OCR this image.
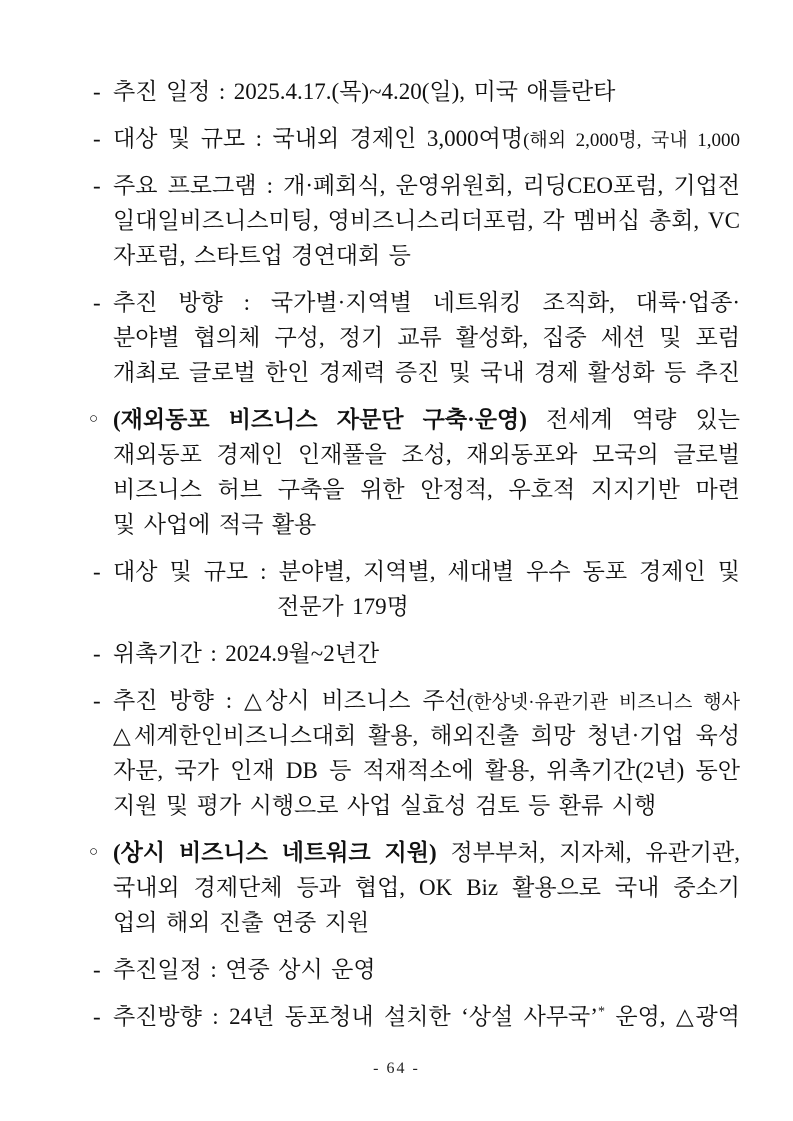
- 추진 일정 : 2025.4.17.(목)~4.20(일), 미국 애틀란타
- 대상 및 규모 : 국내외 경제인 3,000여명(해외 2,000명, 국내 1,000
- 주요 프로그램 : 개·폐회식, 운영위원회, 리딩CEO포럼, 기업전
일대일비즈니스미팅, 영비즈니스리더포럼, 각 멤버십 총회, VC
자포럼, 스타트업 경연대회 등
- 추진 방향 : 국가별·지역별 네트워킹 조직화, 대륙·업종·
분야별 협의체 구성, 정기 교류 활성화, 집중 세션 및 포럼
개최로 글로벌 한인 경제력 증진 및 국내 경제 활성화 등 추진
○ (재외동포 비즈니스 자문단 구축·운영) 전세계 역량 있는
재외동포 경제인 인재풀을 조성, 재외동포와 모국의 글로벌
비즈니스 허브 구축을 위한 안정적, 우호적 지지기반 마련
및 사업에 적극 활용
- 대상 및 규모 : 분야별, 지역별, 세대별 우수 동포 경제인 및
전문가 179명
- 위촉기간 : 2024.9월~2년간
- 추진 방향 : △상시 비즈니스 주선(한상넷·유관기관 비즈니스 행사
△세계한인비즈니스대회 활용, 해외진출 희망 청년·기업 육성
자문, 국가 인재 DB 등 적재적소에 활용, 위촉기간(2년) 동안
지원 및 평가 시행으로 사업 실효성 검토 등 환류 시행
○ (상시 비즈니스 네트워크 지원) 정부부처, 지자체, 유관기관,
국내외 경제단체 등과 협업, OK Biz 활용으로 국내 중소기
업의 해외 진출 연중 지원
- 추진일정 : 연중 상시 운영
- 추진방향 : 24년 동포청내 설치한 ‘상설 사무국’* 운영, △광역
- 64 -
